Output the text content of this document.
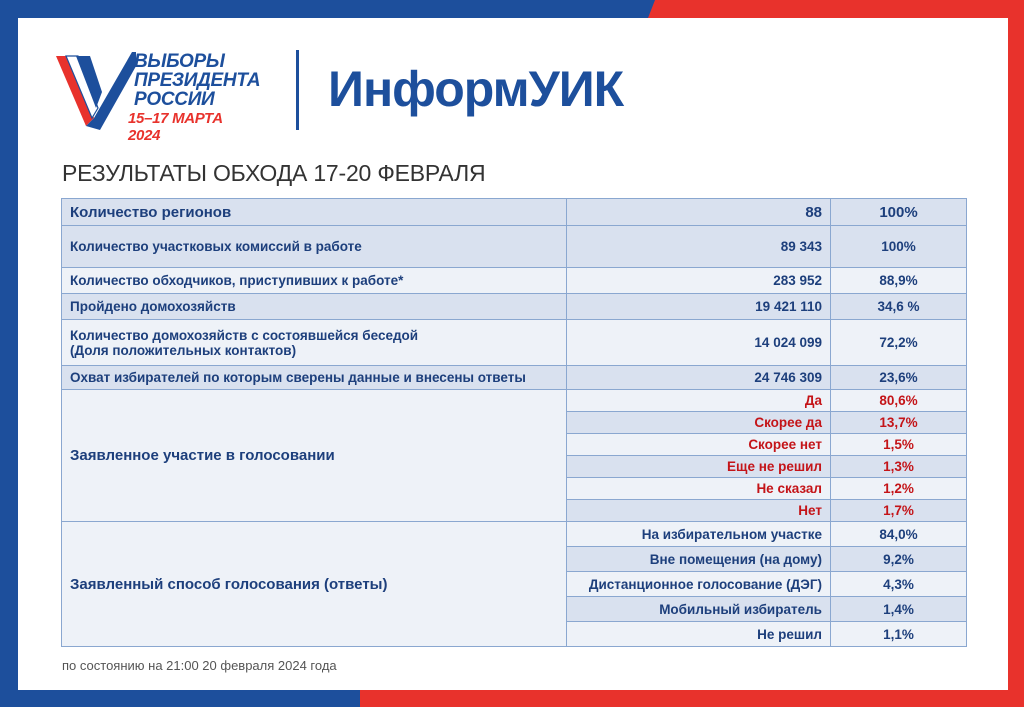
ВЫБОРЫ
ПРЕЗИДЕНТА
РОССИИ
15–17 МАРТА 2024
ИнформУИК
РЕЗУЛЬТАТЫ ОБХОДА 17-20 ФЕВРАЛЯ
Количество регионов	88	100%
Количество участковых комиссий в работе	89 343	100%
Количество обходчиков, приступивших к работе*	283 952	88,9%
Пройдено домохозяйств	19 421 110	34,6 %

Количество домохозяйств с состоявшейся беседой
(Доля положительных контактов)	14 024 099	72,2%
Охват избирателей по которым сверены данные и внесены ответы	24 746 309	23,6%
Заявленное участие в голосовании	Да	80,6%
	Скорее да	13,7%
	Скорее нет	1,5%
	Еще не решил	1,3%
	Не сказал	1,2%
	Нет	1,7%
Заявленный способ голосования (ответы)	На избирательном участке	84,0%
	Вне помещения (на дому)	9,2%
	Дистанционное голосование (ДЭГ)	4,3%
	Мобильный избиратель	1,4%
	Не решил	1,1%
по состоянию на 21:00 20 февраля 2024 года
